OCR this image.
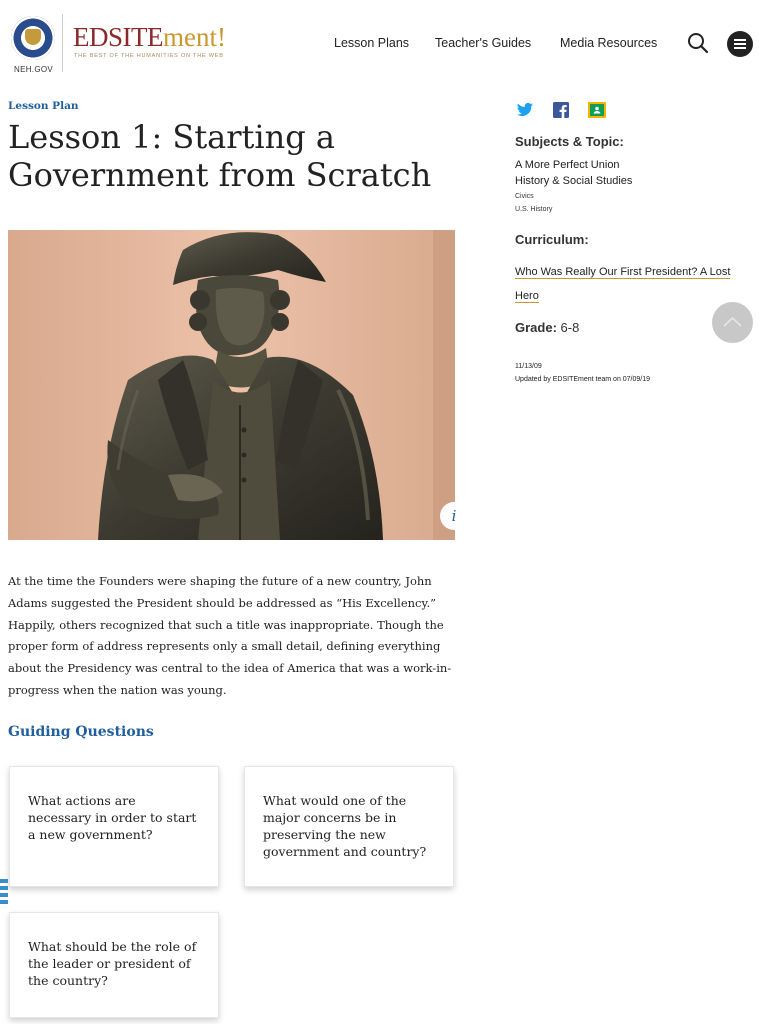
NEH.GOV
EDSITEment!
THE BEST OF THE HUMANITIES ON THE WEB
Lesson Plans Teacher's Guides Media Resources
Lesson Plan
Lesson 1: Starting a Government from Scratch
i

At the time the Founders were shaping the future of a new country, John Adams suggested the President should be addressed as “His Excellency.” Happily, others recognized that such a title was inappropriate. Though the proper form of address represents only a small detail, defining everything about the Presidency was central to the idea of America that was a work-in-progress when the nation was young.

Guiding Questions
What actions are necessary in order to start a new government?
What would one of the major concerns be in preserving the new government and country?
What should be the role of the leader or president of the country?
Subjects & Topic:
A More Perfect Union
History & Social Studies
Civics
U.S. History
Curriculum:
Who Was Really Our First President? A Lost Hero
Grade: 6-8
11/13/09
Updated by EDSITEment team on 07/09/19
